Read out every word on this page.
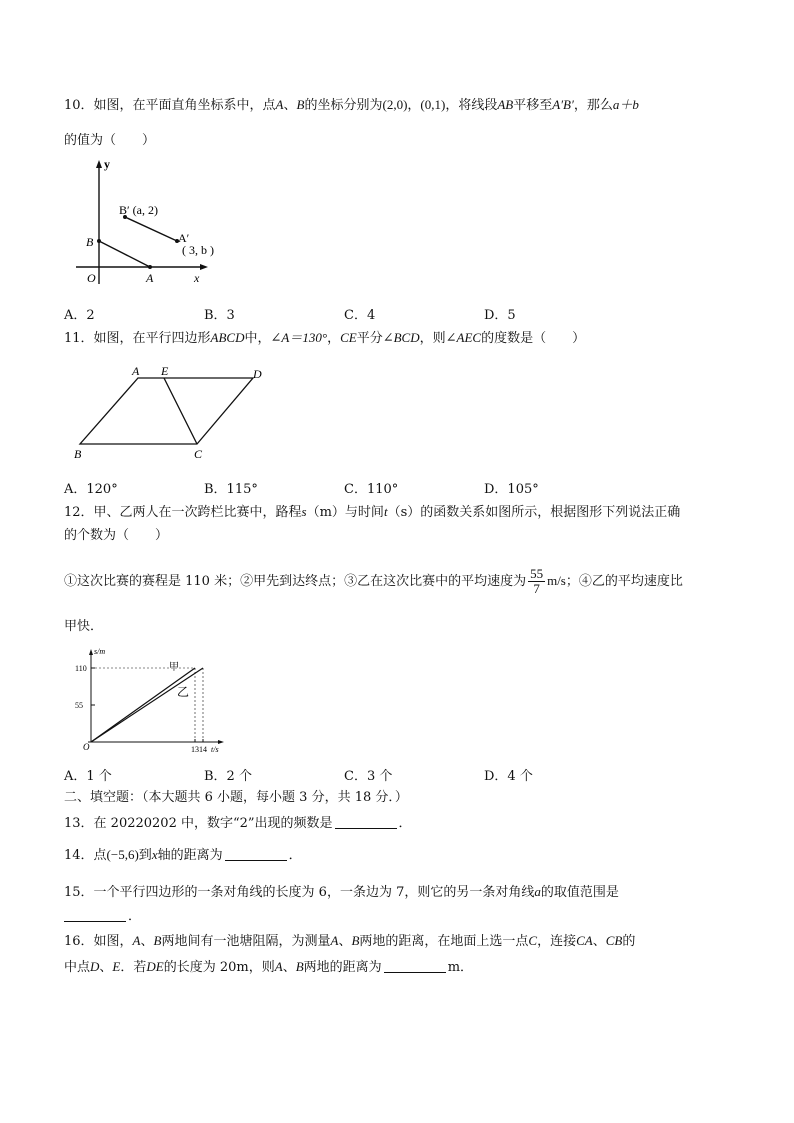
10．如图，在平面直角坐标系中，点A、B的坐标分别为(2,0)，(0,1)，将线段AB平移至A′B′，那么a＋b
的值为（　　）
y
x
O	A
B
B′ (a, 2)
A′
( 3, b )
A．2	B．3	C．4	D．5
11．如图，在平行四边形ABCD中，∠A＝130°，CE平分∠BCD，则∠AEC的度数是（　　）
A E	D
B	C
A．120°	B．115°	C．110°	D．105°
12．甲、乙两人在一次跨栏比赛中，路程s（m）与时间t（s）的函数关系如图所示，根据图形下列说法正确
的个数为（　　）
①这次比赛的赛程是 110 米；②甲先到达终点；③乙在这次比赛中的平均速度为 $\frac{55}{7} m/s$；④乙的平均速度比
甲快．
s/m
t/s
O
55
110
13 14
甲
乙
A．1 个	B．2 个	C．3 个	D．4 个
二、填空题：（本大题共 6 小题，每小题 3 分，共 18 分．）
13．在 20220202 中，数字“2”出现的频数是	．
14．点(−5,6)到x轴的距离为	．
15．一个平行四边形的一条对角线的长度为 6，一条边为 7，则它的另一条对角线a的取值范围是
．
16．如图，A、B两地间有一池塘阻隔，为测量A、B两地的距离，在地面上选一点C，连接CA、CB的
中点D、E．若DE的长度为 20m，则A、B两地的距离为	m．
